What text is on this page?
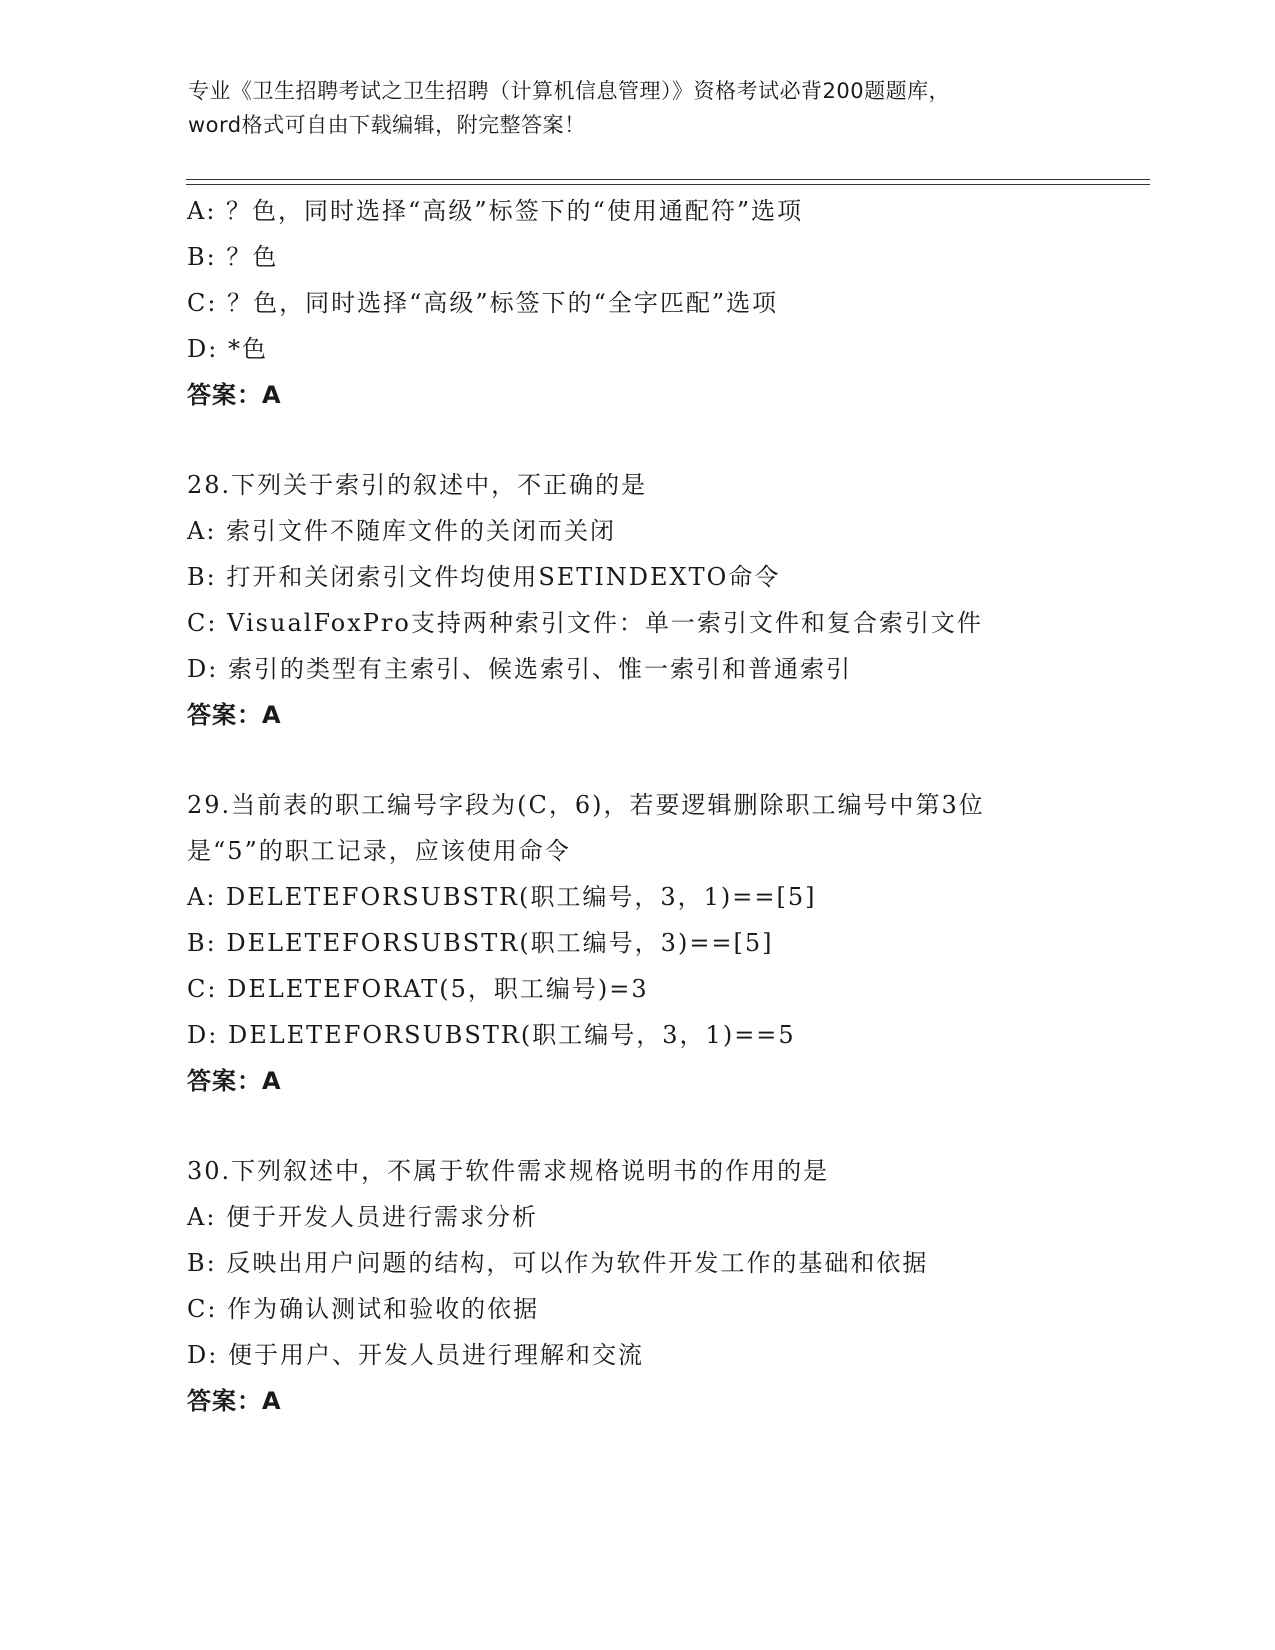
专业《卫生招聘考试之卫生招聘（计算机信息管理）》资格考试必背200题题库，
word格式可自由下载编辑，附完整答案！
A: ？色，同时选择“高级”标签下的“使用通配符”选项
B: ？色
C: ？色，同时选择“高级”标签下的“全字匹配”选项
D: *色
答案：A
28.下列关于索引的叙述中，不正确的是
A: 索引文件不随库文件的关闭而关闭
B: 打开和关闭索引文件均使用SETINDEXTO命令
C: VisualFoxPro支持两种索引文件：单一索引文件和复合索引文件
D: 索引的类型有主索引、候选索引、惟一索引和普通索引
答案：A
29.当前表的职工编号字段为(C，6)，若要逻辑删除职工编号中第3位
是“5”的职工记录，应该使用命令
A: DELETEFORSUBSTR(职工编号，3，1)==[5]
B: DELETEFORSUBSTR(职工编号，3)==[5]
C: DELETEFORAT(5，职工编号)=3
D: DELETEFORSUBSTR(职工编号，3，1)==5
答案：A
30.下列叙述中，不属于软件需求规格说明书的作用的是
A: 便于开发人员进行需求分析
B: 反映出用户问题的结构，可以作为软件开发工作的基础和依据
C: 作为确认测试和验收的依据
D: 便于用户、开发人员进行理解和交流
答案：A
